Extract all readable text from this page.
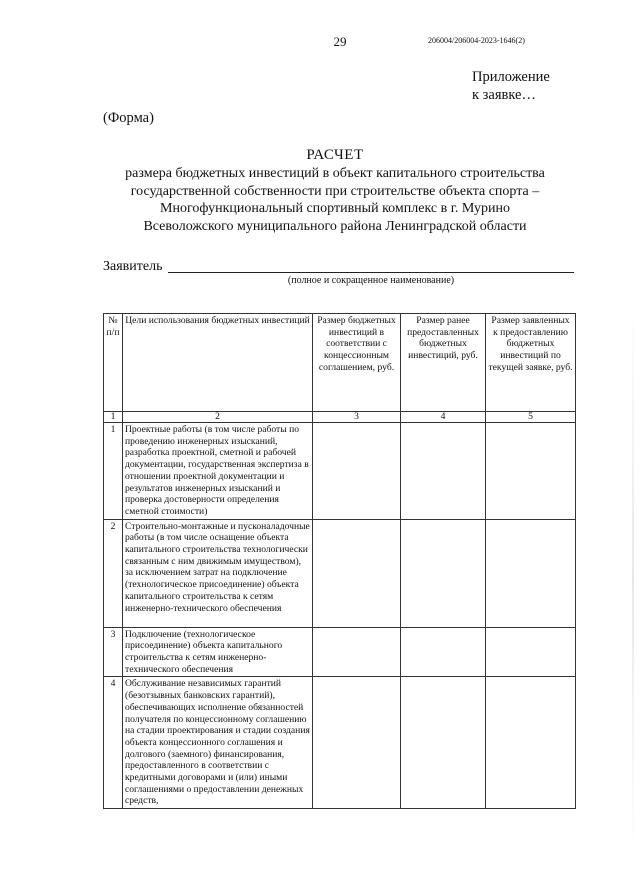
29	206004/206004-2023-1646(2)
Приложение
к заявке…
(Форма)
РАСЧЕТ
размера бюджетных инвестиций в объект капитального строительства
государственной собственности при строительстве объекта спорта –
Многофункциональный спортивный комплекс в г. Мурино
Всеволожского муниципального района Ленинградской области
Заявитель
(полное и сокращенное наименование)
№ п/п	Цели использования бюджетных инвестиций	Размер бюджетных инвестиций в соответствии с концессионным соглашением, руб.	Размер ранее предоставленных бюджетных инвестиций, руб.	Размер заявленных к предоставлению бюджетных инвестиций по текущей заявке, руб.
1	2	3	4	5
1	Проектные работы (в том числе работы по проведению инженерных изысканий, разработка проектной, сметной и рабочей документации, государственная экспертиза в отношении проектной документации и результатов инженерных изысканий и проверка достоверности определения сметной стоимости)			
2	Строительно-монтажные и пусконаладочные работы (в том числе оснащение объекта капитального строительства технологически связанным с ним движимым имуществом), за исключением затрат на подключение (технологическое присоединение) объекта капитального строительства к сетям инженерно-технического обеспечения			
3	Подключение (технологическое присоединение) объекта капитального строительства к сетям инженерно-технического обеспечения			
4	Обслуживание независимых гарантий (безотзывных банковских гарантий), обеспечивающих исполнение обязанностей получателя по концессионному соглашению на стадии проектирования и стадии создания объекта концессионного соглашения и долгового (заемного) финансирования, предоставленного в соответствии с кредитными договорами и (или) иными соглашениями о предоставлении денежных средств,			
